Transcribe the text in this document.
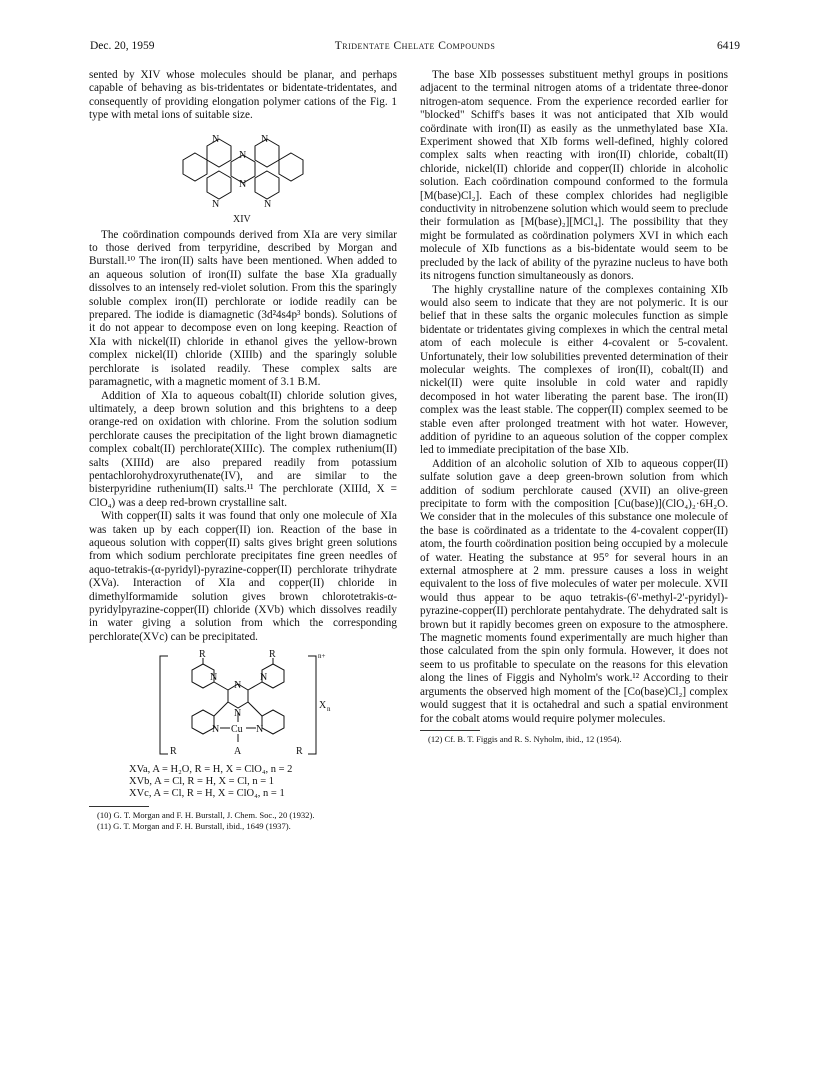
Dec. 20, 1959	Tridentate Chelate Compounds	6419

sented by XIV whose molecules should be planar, and perhaps capable of behaving as bis-tridentates or bidentate-tridentates, and consequently of providing elongation polymer cations of the Fig. 1 type with metal ions of suitable size.

N	N
N
N
N	N
XIV

The coördination compounds derived from XIa are very similar to those derived from terpyridine, described by Morgan and Burstall.¹⁰ The iron(II) salts have been mentioned. When added to an aqueous solution of iron(II) sulfate the base XIa gradually dissolves to an intensely red-violet solution. From this the sparingly soluble complex iron(II) perchlorate or iodide readily can be prepared. The iodide is diamagnetic (3d²4s4p³ bonds). Solutions of it do not appear to decompose even on long keeping. Reaction of XIa with nickel(II) chloride in ethanol gives the yellow-brown complex nickel(II) chloride (XIIIb) and the sparingly soluble perchlorate is isolated readily. These complex salts are paramagnetic, with a magnetic moment of 3.1 B.M.

Addition of XIa to aqueous cobalt(II) chloride solution gives, ultimately, a deep brown solution and this brightens to a deep orange-red on oxidation with chlorine. From the solution sodium perchlorate causes the precipitation of the light brown diamagnetic complex cobalt(II) perchlorate(XIIIc). The complex ruthenium(II) salts (XIIId) are also prepared readily from potassium pentachlorohydroxyruthenate(IV), and are similar to the bisterpyridine ruthenium(II) salts.¹¹ The perchlorate (XIIId, X = ClO₄) was a deep red-brown crystalline salt.

With copper(II) salts it was found that only one molecule of XIa was taken up by each copper(II) ion. Reaction of the base in aqueous solution with copper(II) salts gives bright green solutions from which sodium perchlorate precipitates fine green needles of aquo-tetrakis-(α-pyridyl)-pyrazine-copper(II) perchlorate trihydrate (XVa). Interaction of XIa and copper(II) chloride in dimethylformamide solution gives brown chlorotetrakis-α-pyridylpyrazine-copper(II) chloride (XVb) which dissolves readily in water giving a solution from which the corresponding perchlorate(XVc) can be precipitated.

R	R
N	N
N
N
N	N
Cu
R	A	R
n+
X n
XVa, A = H₂O, R = H, X = ClO₄, n = 2
XVb, A = Cl, R = H, X = Cl, n = 1
XVc, A = Cl, R = H, X = ClO₄, n = 1
(10) G. T. Morgan and F. H. Burstall, J. Chem. Soc., 20 (1932).
(11) G. T. Morgan and F. H. Burstall, ibid., 1649 (1937).

The base XIb possesses substituent methyl groups in positions adjacent to the terminal nitrogen atoms of a tridentate three-donor nitrogen-atom sequence. From the experience recorded earlier for "blocked" Schiff's bases it was not anticipated that XIb would coördinate with iron(II) as easily as the unmethylated base XIa. Experiment showed that XIb forms well-defined, highly colored complex salts when reacting with iron(II) chloride, cobalt(II) chloride, nickel(II) chloride and copper(II) chloride in alcoholic solution. Each coördination compound conformed to the formula [M(base)Cl₂]. Each of these complex chlorides had negligible conductivity in nitrobenzene solution which would seem to preclude their formulation as [M(base)₂][MCl₄]. The possibility that they might be formulated as coördination polymers XVI in which each molecule of XIb functions as a bis-bidentate would seem to be precluded by the lack of ability of the pyrazine nucleus to have both its nitrogens function simultaneously as donors.

The highly crystalline nature of the complexes containing XIb would also seem to indicate that they are not polymeric. It is our belief that in these salts the organic molecules function as simple bidentate or tridentates giving complexes in which the central metal atom of each molecule is either 4-covalent or 5-covalent. Unfortunately, their low solubilities prevented determination of their molecular weights. The complexes of iron(II), cobalt(II) and nickel(II) were quite insoluble in cold water and rapidly decomposed in hot water liberating the parent base. The iron(II) complex was the least stable. The copper(II) complex seemed to be stable even after prolonged treatment with hot water. However, addition of pyridine to an aqueous solution of the copper complex led to immediate precipitation of the base XIb.

Addition of an alcoholic solution of XIb to aqueous copper(II) sulfate solution gave a deep green-brown solution from which addition of sodium perchlorate caused (XVII) an olive-green precipitate to form with the composition [Cu(base)](ClO₄)₂·6H₂O. We consider that in the molecules of this substance one molecule of the base is coördinated as a tridentate to the 4-covalent copper(II) atom, the fourth coördination position being occupied by a molecule of water. Heating the substance at 95° for several hours in an external atmosphere at 2 mm. pressure causes a loss in weight equivalent to the loss of five molecules of water per molecule. XVII would thus appear to be aquo tetrakis-(6'-methyl-2'-pyridyl)-pyrazine-copper(II) perchlorate pentahydrate. The dehydrated salt is brown but it rapidly becomes green on exposure to the atmosphere. The magnetic moments found experimentally are much higher than those calculated from the spin only formula. However, it does not seem to us profitable to speculate on the reasons for this elevation along the lines of Figgis and Nyholm's work.¹² According to their arguments the observed high moment of the [Co(base)Cl₂] complex would suggest that it is octahedral and such a spatial environment for the cobalt atoms would require polymer molecules.

(12) Cf. B. T. Figgis and R. S. Nyholm, ibid., 12 (1954).
